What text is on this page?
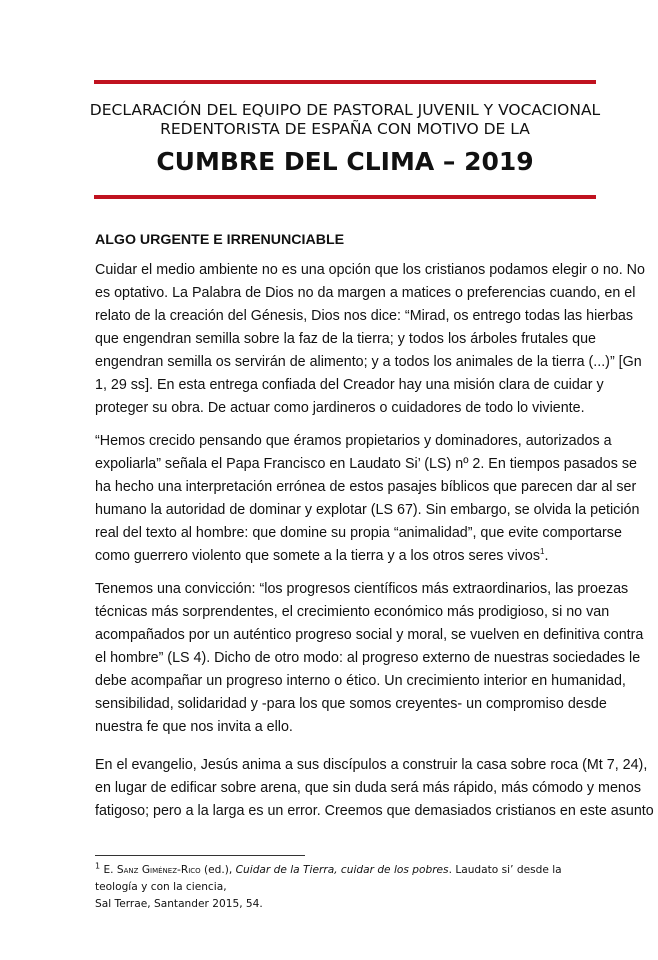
DECLARACIÓN DEL EQUIPO DE PASTORAL JUVENIL Y VOCACIONAL
REDENTORISTA DE ESPAÑA CON MOTIVO DE LA
CUMBRE DEL CLIMA – 2019
ALGO URGENTE E IRRENUNCIABLE
Cuidar el medio ambiente no es una opción que los cristianos podamos elegir o no. No
es optativo. La Palabra de Dios no da margen a matices o preferencias cuando, en el
relato de la creación del Génesis, Dios nos dice: “Mirad, os entrego todas las hierbas
que engendran semilla sobre la faz de la tierra; y todos los árboles frutales que
engendran semilla os servirán de alimento; y a todos los animales de la tierra (...)” [Gn
1, 29 ss]. En esta entrega confiada del Creador hay una misión clara de cuidar y
proteger su obra. De actuar como jardineros o cuidadores de todo lo viviente.
“Hemos crecido pensando que éramos propietarios y dominadores, autorizados a
expoliarla” señala el Papa Francisco en Laudato Si’ (LS) nº 2. En tiempos pasados se
ha hecho una interpretación errónea de estos pasajes bíblicos que parecen dar al ser
humano la autoridad de dominar y explotar (LS 67). Sin embargo, se olvida la petición
real del texto al hombre: que domine su propia “animalidad”, que evite comportarse
como guerrero violento que somete a la tierra y a los otros seres vivos$^1$.
Tenemos una convicción: “los progresos científicos más extraordinarios, las proezas
técnicas más sorprendentes, el crecimiento económico más prodigioso, si no van
acompañados por un auténtico progreso social y moral, se vuelven en definitiva contra
el hombre” (LS 4). Dicho de otro modo: al progreso externo de nuestras sociedades le
debe acompañar un progreso interno o ético. Un crecimiento interior en humanidad,
sensibilidad, solidaridad y -para los que somos creyentes- un compromiso desde
nuestra fe que nos invita a ello.
En el evangelio, Jesús anima a sus discípulos a construir la casa sobre roca (Mt 7, 24),
en lugar de edificar sobre arena, que sin duda será más rápido, más cómodo y menos
fatigoso; pero a la larga es un error. Creemos que demasiados cristianos en este asunto
$^1$ E. Sanz Giménez-Rico (ed.), Cuidar de la Tierra, cuidar de los pobres. Laudato si’ desde la teología y con la ciencia,
Sal Terrae, Santander 2015, 54.
